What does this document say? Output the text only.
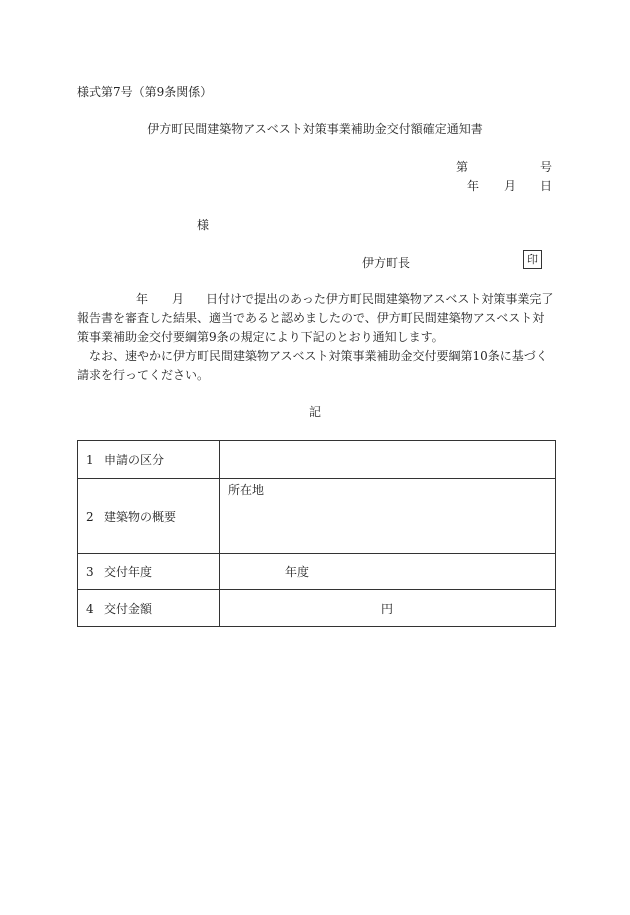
様式第7号（第9条関係）
伊方町民間建築物アスベスト対策事業補助金交付額確定通知書
第	号
年 月 日
様
伊方町長	印

年 月 日付けで提出のあった伊方町民間建築物アスベスト対策事業完了報告書を審査した結果、適当であると認めましたので、伊方町民間建築物アスベスト対策事業補助金交付要綱第9条の規定により下記のとおり通知します。

なお、速やかに伊方町民間建築物アスベスト対策事業補助金交付要綱第10条に基づく請求を行ってください。

記
1 申請の区分	
2 建築物の概要	所在地
3 交付年度	年度
4 交付金額	円
